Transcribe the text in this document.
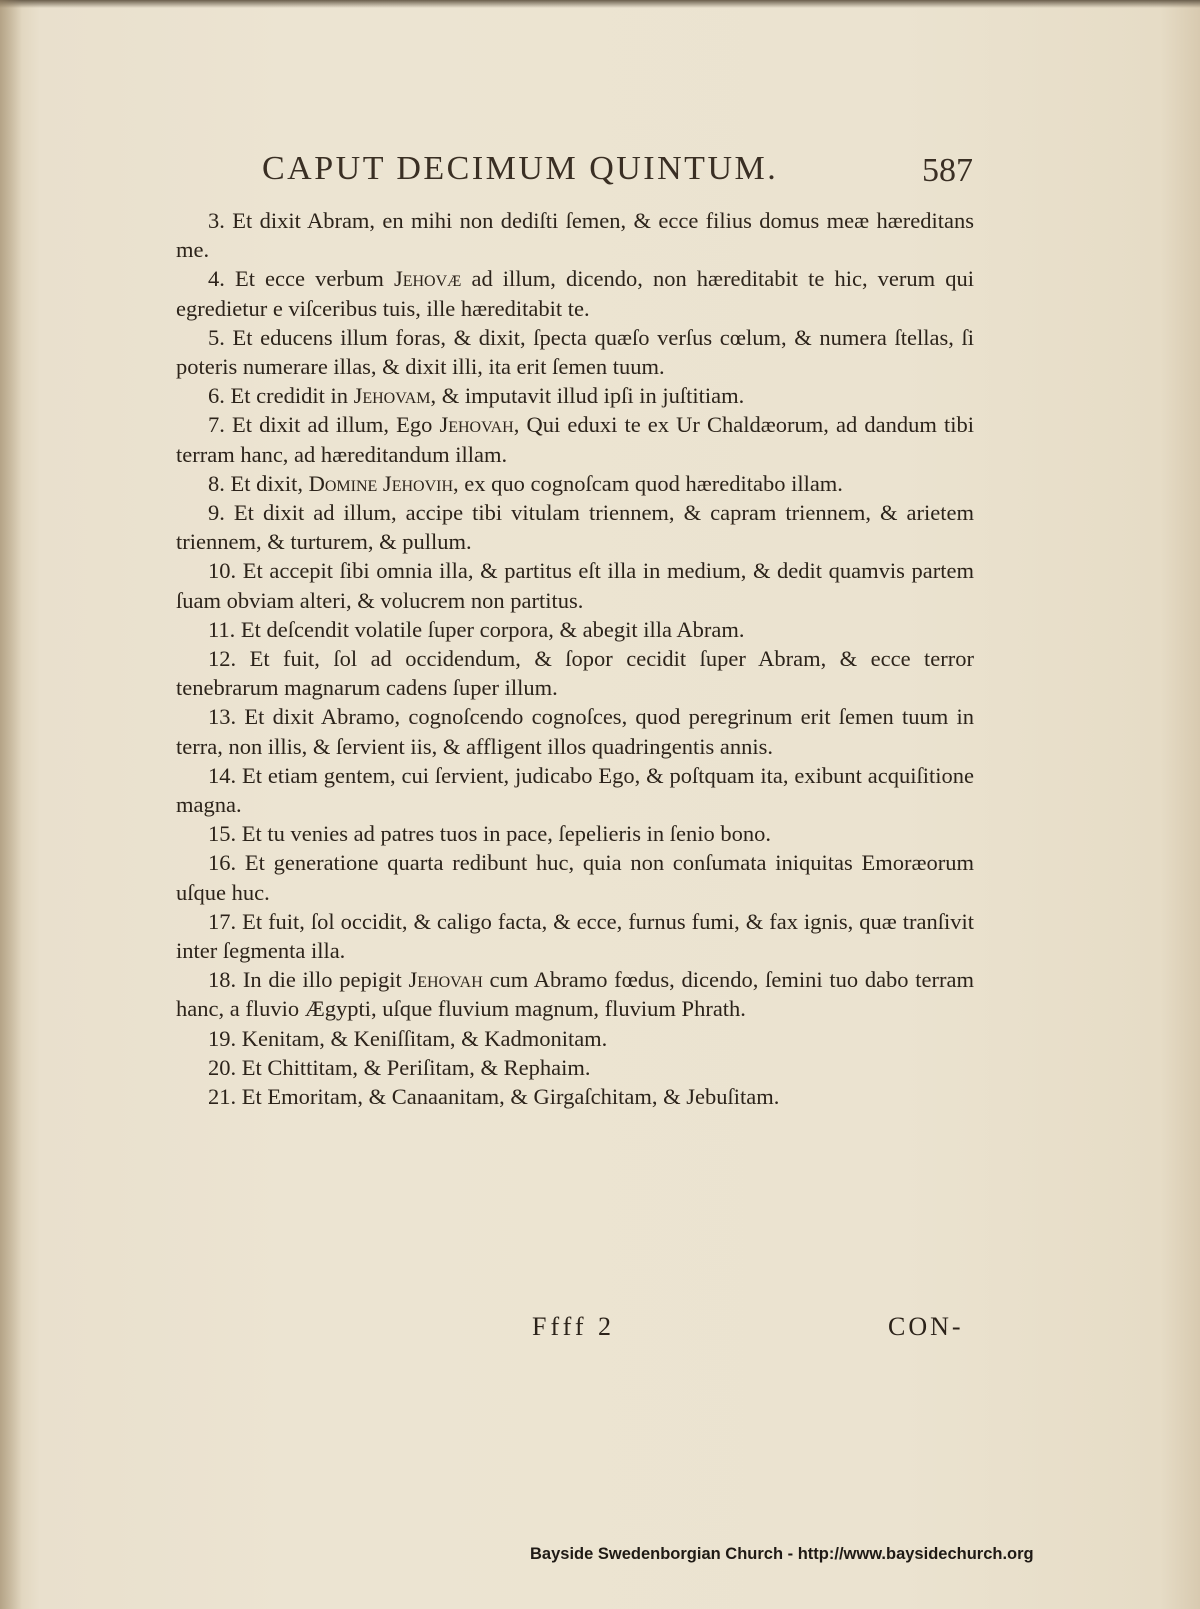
CAPUT DECIMUM QUINTUM.	587

3. Et dixit Abram, en mihi non dediſti ſemen, & ecce filius domus meæ hæreditans me.

4. Et ecce verbum Jehovæ ad illum, dicendo, non hæreditabit te hic, verum qui egredietur e viſceribus tuis, ille hæreditabit te.

5. Et educens illum foras, & dixit, ſpecta quæſo verſus cœlum, & numera ſtellas, ſi poteris numerare illas, & dixit illi, ita erit ſemen tuum.

6. Et credidit in Jehovam, & imputavit illud ipſi in juſtitiam.

7. Et dixit ad illum, Ego Jehovah, Qui eduxi te ex Ur Chaldæorum, ad dandum tibi terram hanc, ad hæreditandum illam.

8. Et dixit, Domine Jehovih, ex quo cognoſcam quod hæreditabo illam.

9. Et dixit ad illum, accipe tibi vitulam triennem, & capram triennem, & arietem triennem, & turturem, & pullum.

10. Et accepit ſibi omnia illa, & partitus eſt illa in medium, & dedit quamvis partem ſuam obviam alteri, & volucrem non partitus.

11. Et deſcendit volatile ſuper corpora, & abegit illa Abram.

12. Et fuit, ſol ad occidendum, & ſopor cecidit ſuper Abram, & ecce terror tenebrarum magnarum cadens ſuper illum.

13. Et dixit Abramo, cognoſcendo cognoſces, quod peregrinum erit ſemen tuum in terra, non illis, & ſervient iis, & affligent illos quadringentis annis.

14. Et etiam gentem, cui ſervient, judicabo Ego, & poſtquam ita, exibunt acquiſitione magna.

15. Et tu venies ad patres tuos in pace, ſepelieris in ſenio bono.

16. Et generatione quarta redibunt huc, quia non conſumata iniquitas Emoræorum uſque huc.

17. Et fuit, ſol occidit, & caligo facta, & ecce, furnus fumi, & fax ignis, quæ tranſivit inter ſegmenta illa.

18. In die illo pepigit Jehovah cum Abramo fœdus, dicendo, ſemini tuo dabo terram hanc, a fluvio Ægypti, uſque fluvium magnum, fluvium Phrath.

19. Kenitam, & Keniſſitam, & Kadmonitam.

20. Et Chittitam, & Periſitam, & Rephaim.

21. Et Emoritam, & Canaanitam, & Girgaſchitam, & Jebuſitam.

Ffff 2	CON-
Bayside Swedenborgian Church - http://www.baysidechurch.org
